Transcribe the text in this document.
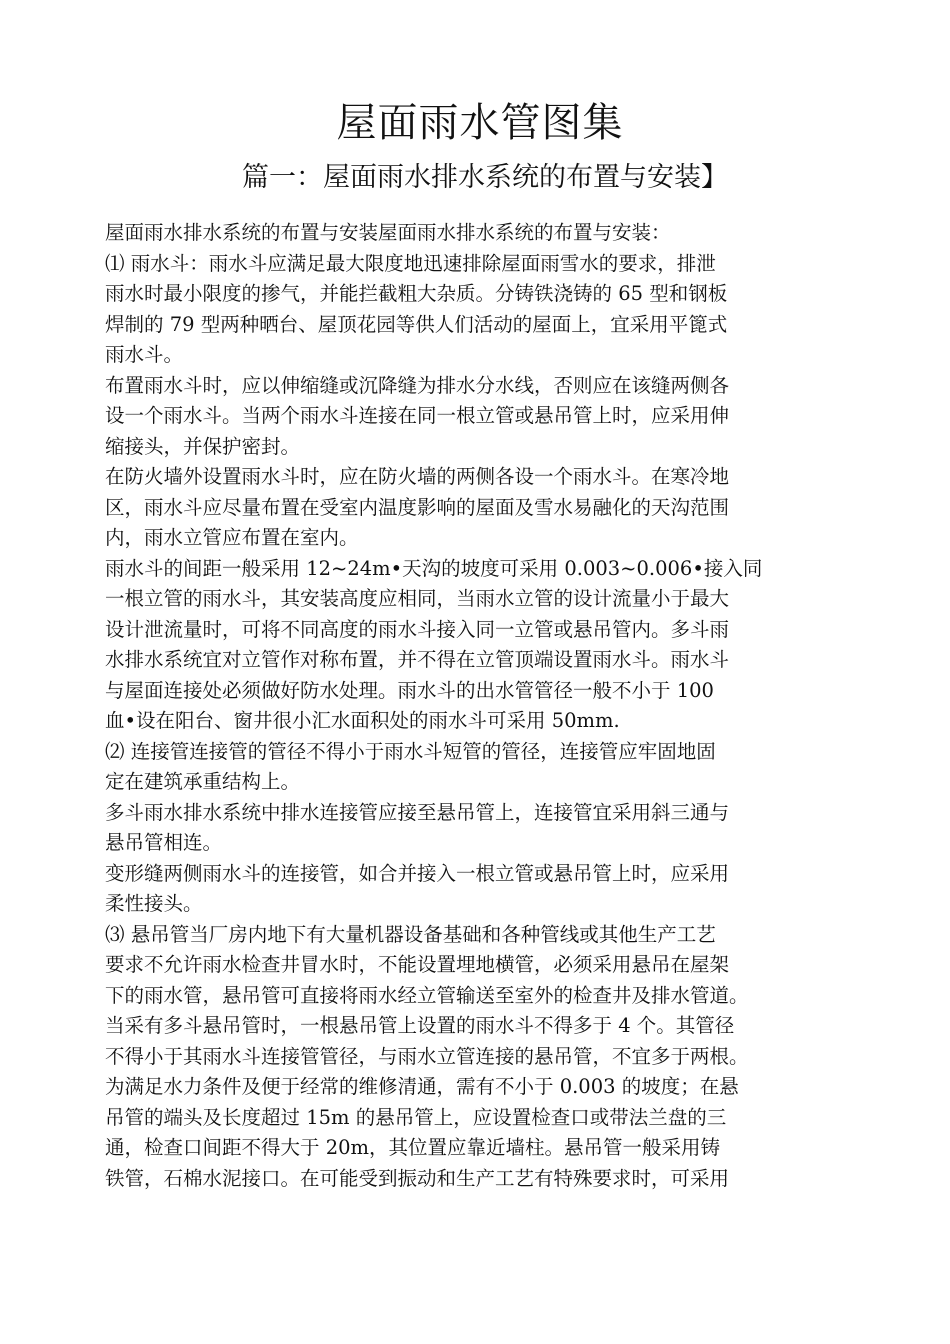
屋面雨水管图集
篇一：屋面雨水排水系统的布置与安装】
屋面雨水排水系统的布置与安装屋面雨水排水系统的布置与安装：
⑴ 雨水斗：雨水斗应满足最大限度地迅速排除屋面雨雪水的要求，排泄
雨水时最小限度的掺气，并能拦截粗大杂质。分铸铁浇铸的 65 型和钢板
焊制的 79 型两种晒台、屋顶花园等供人们活动的屋面上，宜采用平篦式
雨水斗。
布置雨水斗时，应以伸缩缝或沉降缝为排水分水线，否则应在该缝两侧各
设一个雨水斗。当两个雨水斗连接在同一根立管或悬吊管上时，应采用伸
缩接头，并保护密封。
在防火墙外设置雨水斗时，应在防火墙的两侧各设一个雨水斗。在寒冷地
区，雨水斗应尽量布置在受室内温度影响的屋面及雪水易融化的天沟范围
内，雨水立管应布置在室内。
雨水斗的间距一般采用 12~24m•天沟的坡度可采用 0.003~0.006•接入同
一根立管的雨水斗，其安装高度应相同，当雨水立管的设计流量小于最大
设计泄流量时，可将不同高度的雨水斗接入同一立管或悬吊管内。多斗雨
水排水系统宜对立管作对称布置，并不得在立管顶端设置雨水斗。雨水斗
与屋面连接处必须做好防水处理。雨水斗的出水管管径一般不小于 100
血•设在阳台、窗井很小汇水面积处的雨水斗可采用 50mm.
⑵ 连接管连接管的管径不得小于雨水斗短管的管径，连接管应牢固地固
定在建筑承重结构上。
多斗雨水排水系统中排水连接管应接至悬吊管上，连接管宜采用斜三通与
悬吊管相连。
变形缝两侧雨水斗的连接管，如合并接入一根立管或悬吊管上时，应采用
柔性接头。
⑶ 悬吊管当厂房内地下有大量机器设备基础和各种管线或其他生产工艺
要求不允许雨水检查井冒水时，不能设置埋地横管，必须采用悬吊在屋架
下的雨水管，悬吊管可直接将雨水经立管输送至室外的检查井及排水管道。
当采有多斗悬吊管时，一根悬吊管上设置的雨水斗不得多于 4 个。其管径
不得小于其雨水斗连接管管径，与雨水立管连接的悬吊管，不宜多于两根。
为满足水力条件及便于经常的维修清通，需有不小于 0.003 的坡度；在悬
吊管的端头及长度超过 15m 的悬吊管上，应设置检查口或带法兰盘的三
通，检查口间距不得大于 20m，其位置应靠近墙柱。悬吊管一般采用铸
铁管，石棉水泥接口。在可能受到振动和生产工艺有特殊要求时，可采用
